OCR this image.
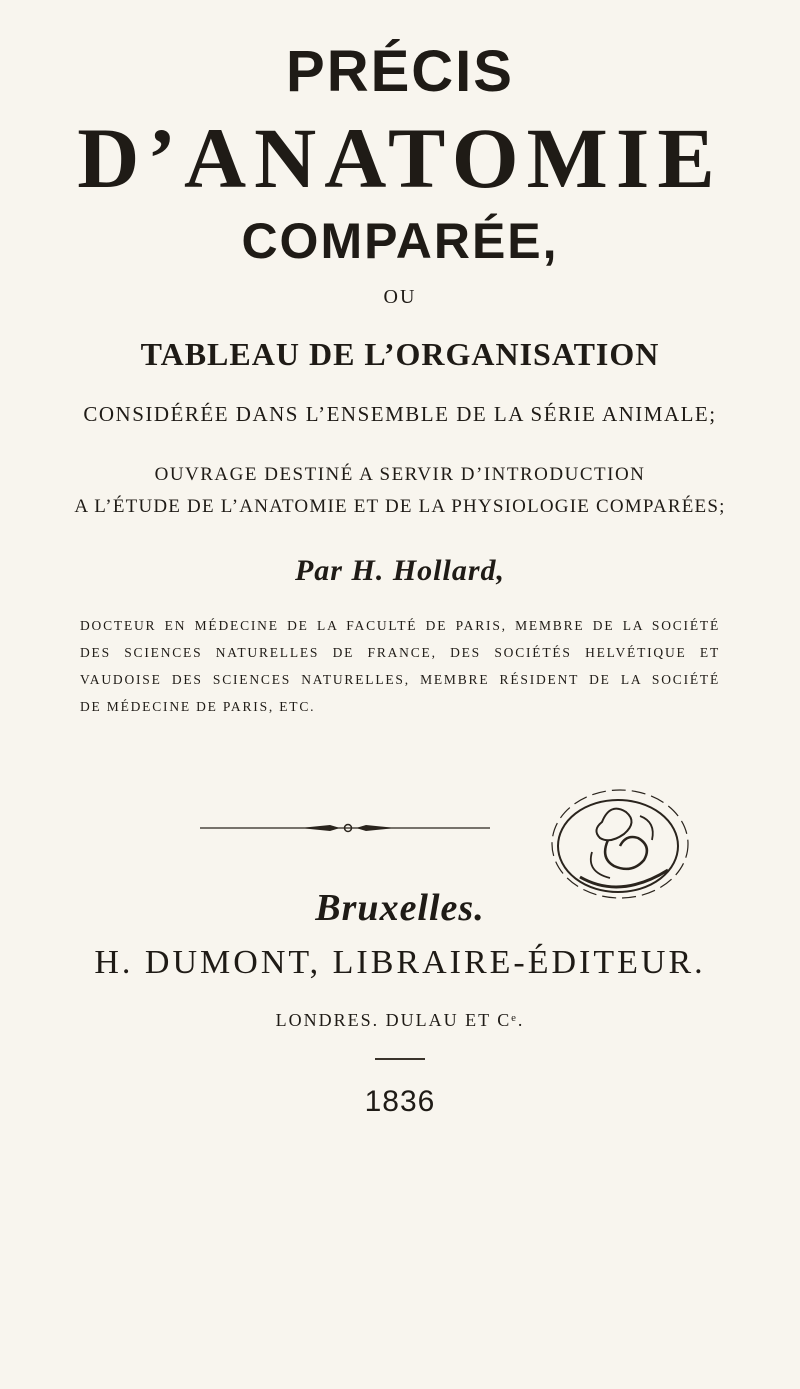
PRÉCIS
D’ANATOMIE
COMPARÉE,
OU
TABLEAU DE L’ORGANISATION
CONSIDÉRÉE DANS L’ENSEMBLE DE LA SÉRIE ANIMALE;
OUVRAGE DESTINÉ A SERVIR D’INTRODUCTION
A L’ÉTUDE DE L’ANATOMIE ET DE LA PHYSIOLOGIE COMPARÉES;
Par H. Hollard,
DOCTEUR EN MÉDECINE DE LA FACULTÉ DE PARIS, MEMBRE DE LA SOCIÉTÉ
DES SCIENCES NATURELLES DE FRANCE, DES SOCIÉTÉS HELVÉTIQUE ET
VAUDOISE DES SCIENCES NATURELLES, MEMBRE RÉSIDENT DE LA SOCIÉTÉ
DE MÉDECINE DE PARIS, ETC.
Bruxelles.
H. DUMONT, LIBRAIRE-ÉDITEUR.
LONDRES. DULAU ET Cᵉ.
1836
